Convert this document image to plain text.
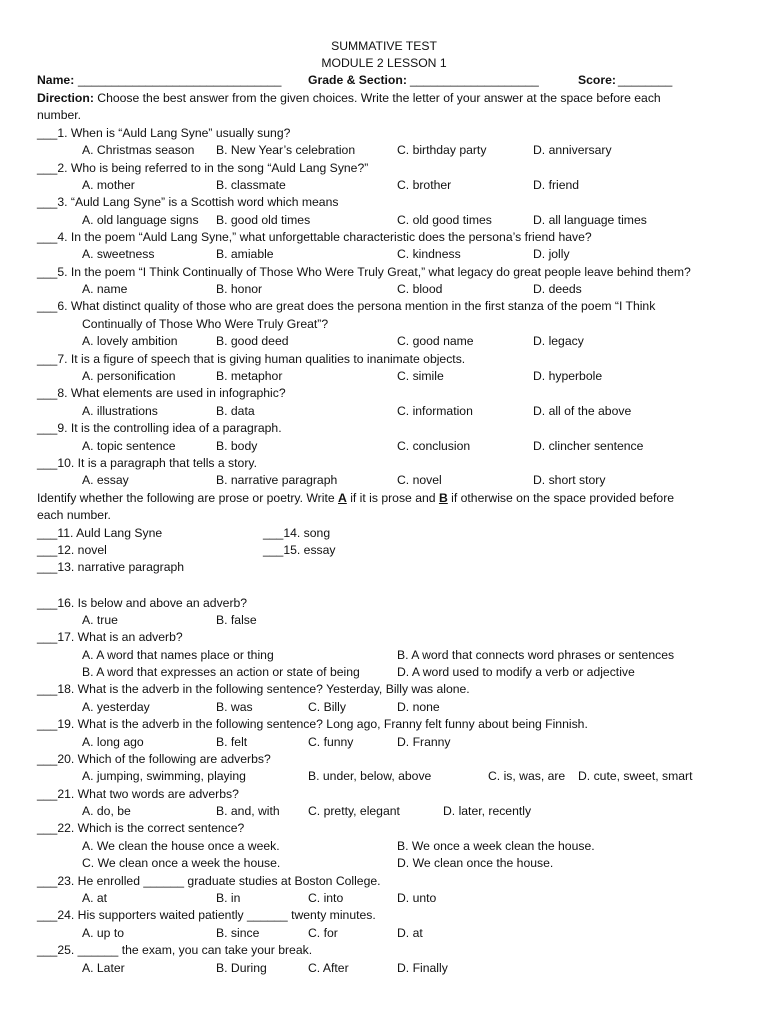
SUMMATIVE TEST
MODULE 2 LESSON 1
Name: ______________________________ Grade & Section: ___________________	Score: ________
Direction: Choose the best answer from the given choices. Write the letter of your answer at the space before each
number.
___1. When is “Auld Lang Syne” usually sung?
A. Christmas season B. New Year’s celebration	C. birthday party	D. anniversary
___2. Who is being referred to in the song “Auld Lang Syne?”
A. mother	B. classmate	C. brother	D. friend
___3. “Auld Lang Syne” is a Scottish word which means
A. old language signs B. good old times	C. old good times	D. all language times
___4. In the poem “Auld Lang Syne,” what unforgettable characteristic does the persona’s friend have?
A. sweetness	B. amiable	C. kindness	D. jolly
___5. In the poem “I Think Continually of Those Who Were Truly Great,” what legacy do great people leave behind them?
A. name	B. honor	C. blood	D. deeds
___6. What distinct quality of those who are great does the persona mention in the first stanza of the poem “I Think
Continually of Those Who Were Truly Great”?
A. lovely ambition	B. good deed	C. good name	D. legacy
___7. It is a figure of speech that is giving human qualities to inanimate objects.
A. personification	B. metaphor	C. simile	D. hyperbole
___8. What elements are used in infographic?
A. illustrations	B. data	C. information	D. all of the above
___9. It is the controlling idea of a paragraph.
A. topic sentence	B. body	C. conclusion	D. clincher sentence
___10. It is a paragraph that tells a story.
A. essay	B. narrative paragraph	C. novel	D. short story
Identify whether the following are prose or poetry. Write A if it is prose and B if otherwise on the space provided before
each number.
___11. Auld Lang Syne	___14. song
___12. novel	___15. essay
___13. narrative paragraph
___16. Is below and above an adverb?
A. true	B. false
___17. What is an adverb?
A. A word that names place or thing	B. A word that connects word phrases or sentences
B. A word that expresses an action or state of being	D. A word used to modify a verb or adjective
___18. What is the adverb in the following sentence? Yesterday, Billy was alone.
A. yesterday	B. was	C. Billy	D. none
___19. What is the adverb in the following sentence? Long ago, Franny felt funny about being Finnish.
A. long ago	B. felt	C. funny	D. Franny
___20. Which of the following are adverbs?
A. jumping, swimming, playing	B. under, below, above	C. is, was, are D. cute, sweet, smart
___21. What two words are adverbs?
A. do, be	B. and, with C. pretty, elegant	D. later, recently
___22. Which is the correct sentence?
A. We clean the house once a week.	B. We once a week clean the house.
C. We clean once a week the house.	D. We clean once the house.
___23. He enrolled ______ graduate studies at Boston College.
A. at	B. in	C. into	D. unto
___24. His supporters waited patiently ______ twenty minutes.
A. up to	B. since	C. for	D. at
___25. ______ the exam, you can take your break.
A. Later	B. During	C. After	D. Finally
